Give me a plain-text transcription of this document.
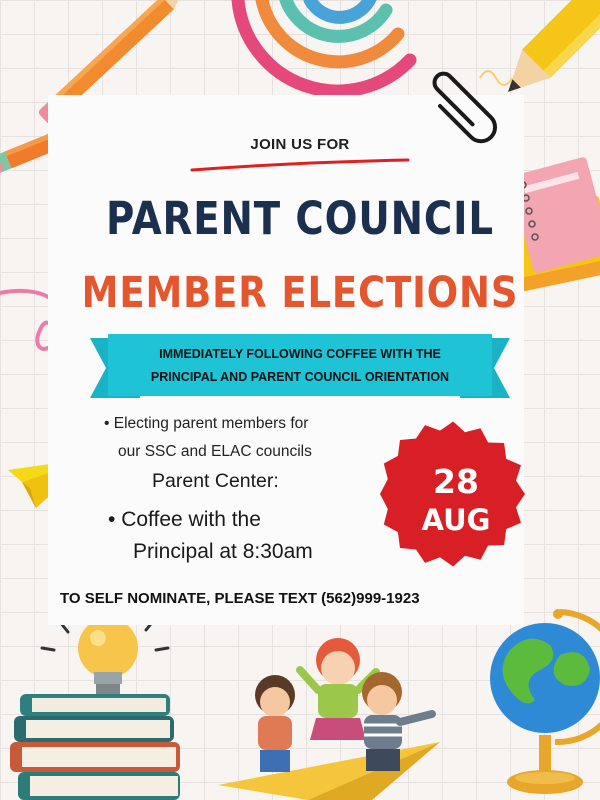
JOIN US FOR
PARENT COUNCIL
MEMBER ELECTIONS
IMMEDIATELY FOLLOWING COFFEE WITH THE
PRINCIPAL AND PARENT COUNCIL ORIENTATION
• Electing parent members for
our SSC and ELAC councils
Parent Center:
• Coffee with the
Principal at 8:30am
28
AUG
TO SELF NOMINATE, PLEASE TEXT (562)999-1923
